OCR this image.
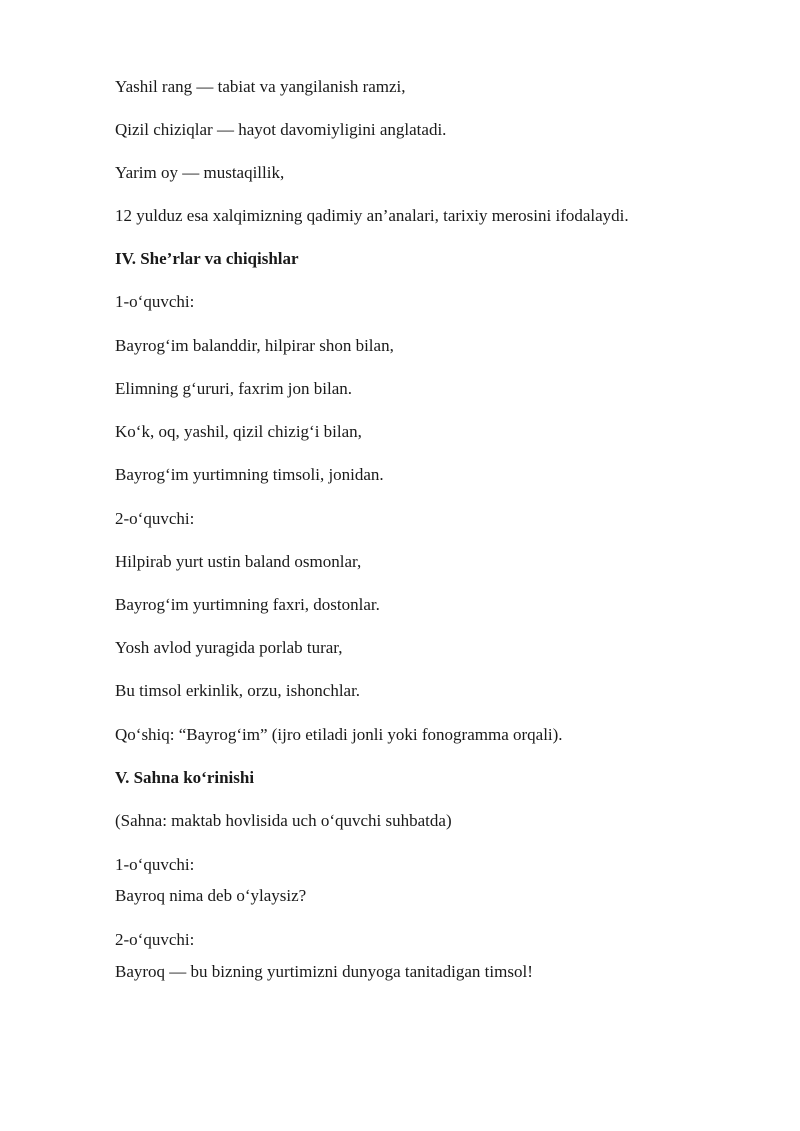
Yashil rang — tabiat va yangilanish ramzi,
Qizil chiziqlar — hayot davomiyligini anglatadi.
Yarim oy — mustaqillik,
12 yulduz esa xalqimizning qadimiy an’analari, tarixiy merosini ifodalaydi.
IV. She’rlar va chiqishlar
1-o‘quvchi:
Bayrog‘im balanddir, hilpirar shon bilan,
Elimning g‘ururi, faxrim jon bilan.
Ko‘k, oq, yashil, qizil chizig‘i bilan,
Bayrog‘im yurtimning timsoli, jonidan.
2-o‘quvchi:
Hilpirab yurt ustin baland osmonlar,
Bayrog‘im yurtimning faxri, dostonlar.
Yosh avlod yuragida porlab turar,
Bu timsol erkinlik, orzu, ishonchlar.
Qo‘shiq: “Bayrog‘im” (ijro etiladi jonli yoki fonogramma orqali).
V. Sahna ko‘rinishi
(Sahna: maktab hovlisida uch o‘quvchi suhbatda)
1-o‘quvchi:
Bayroq nima deb o‘ylaysiz?
2-o‘quvchi:
Bayroq — bu bizning yurtimizni dunyoga tanitadigan timsol!
